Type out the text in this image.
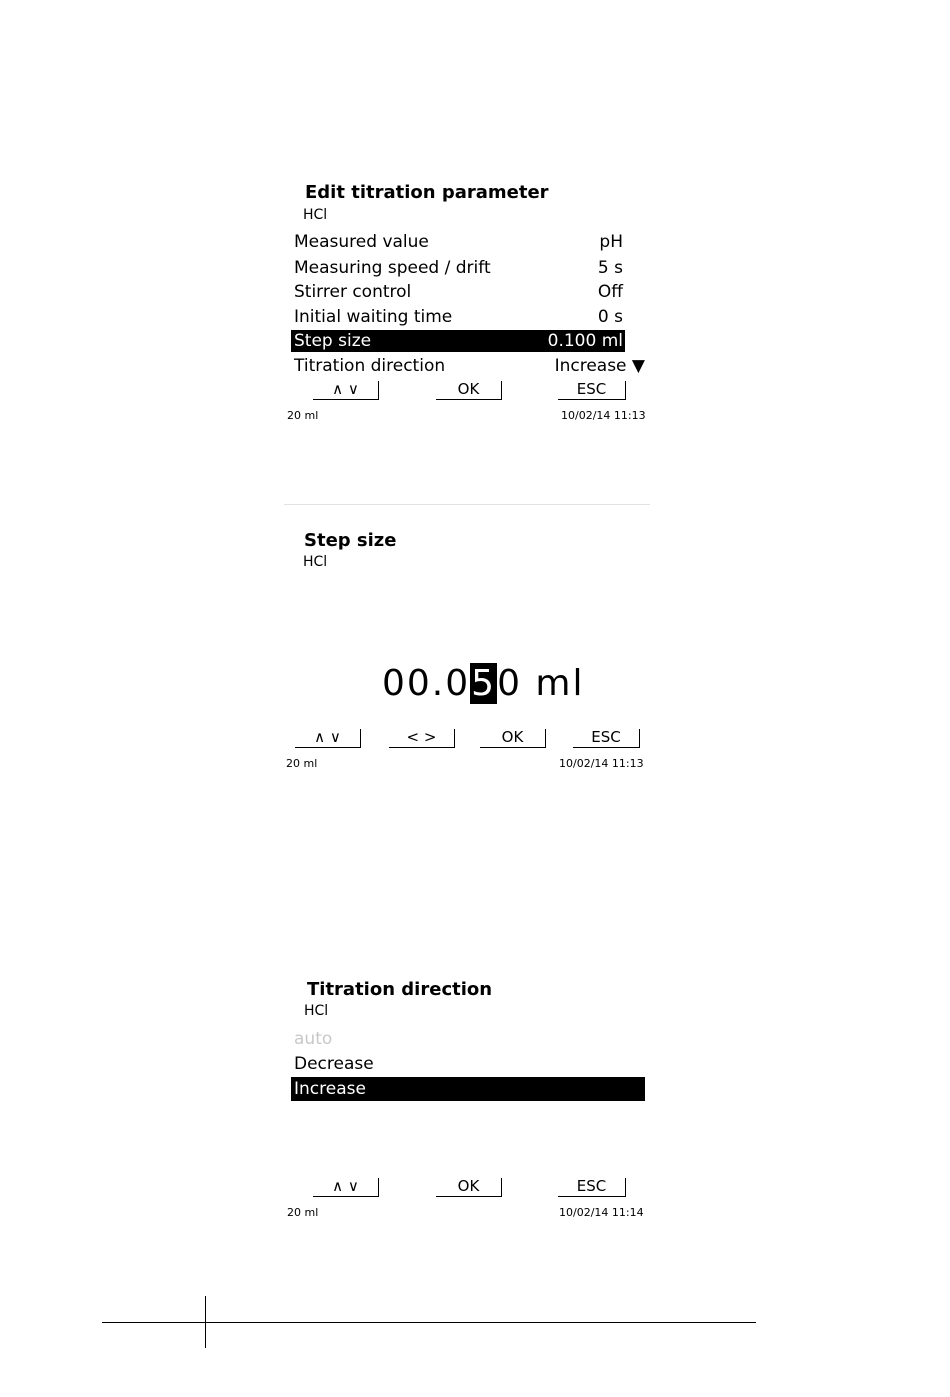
Edit titration parameter
HCl
Measured value	pH
Measuring speed / drift	5 s
Stirrer control	Off
Initial waiting time	0 s
Step size	0.100 ml
Titration direction	Increase ▼
∧ ∨	OK	ESC
20 ml	10/02/14 11:13
Step size
HCl
00.050 ml
∧ ∨	< >	OK	ESC
20 ml	10/02/14 11:13
Titration direction
HCl
auto
Decrease
Increase
∧ ∨	OK	ESC
20 ml	10/02/14 11:14
